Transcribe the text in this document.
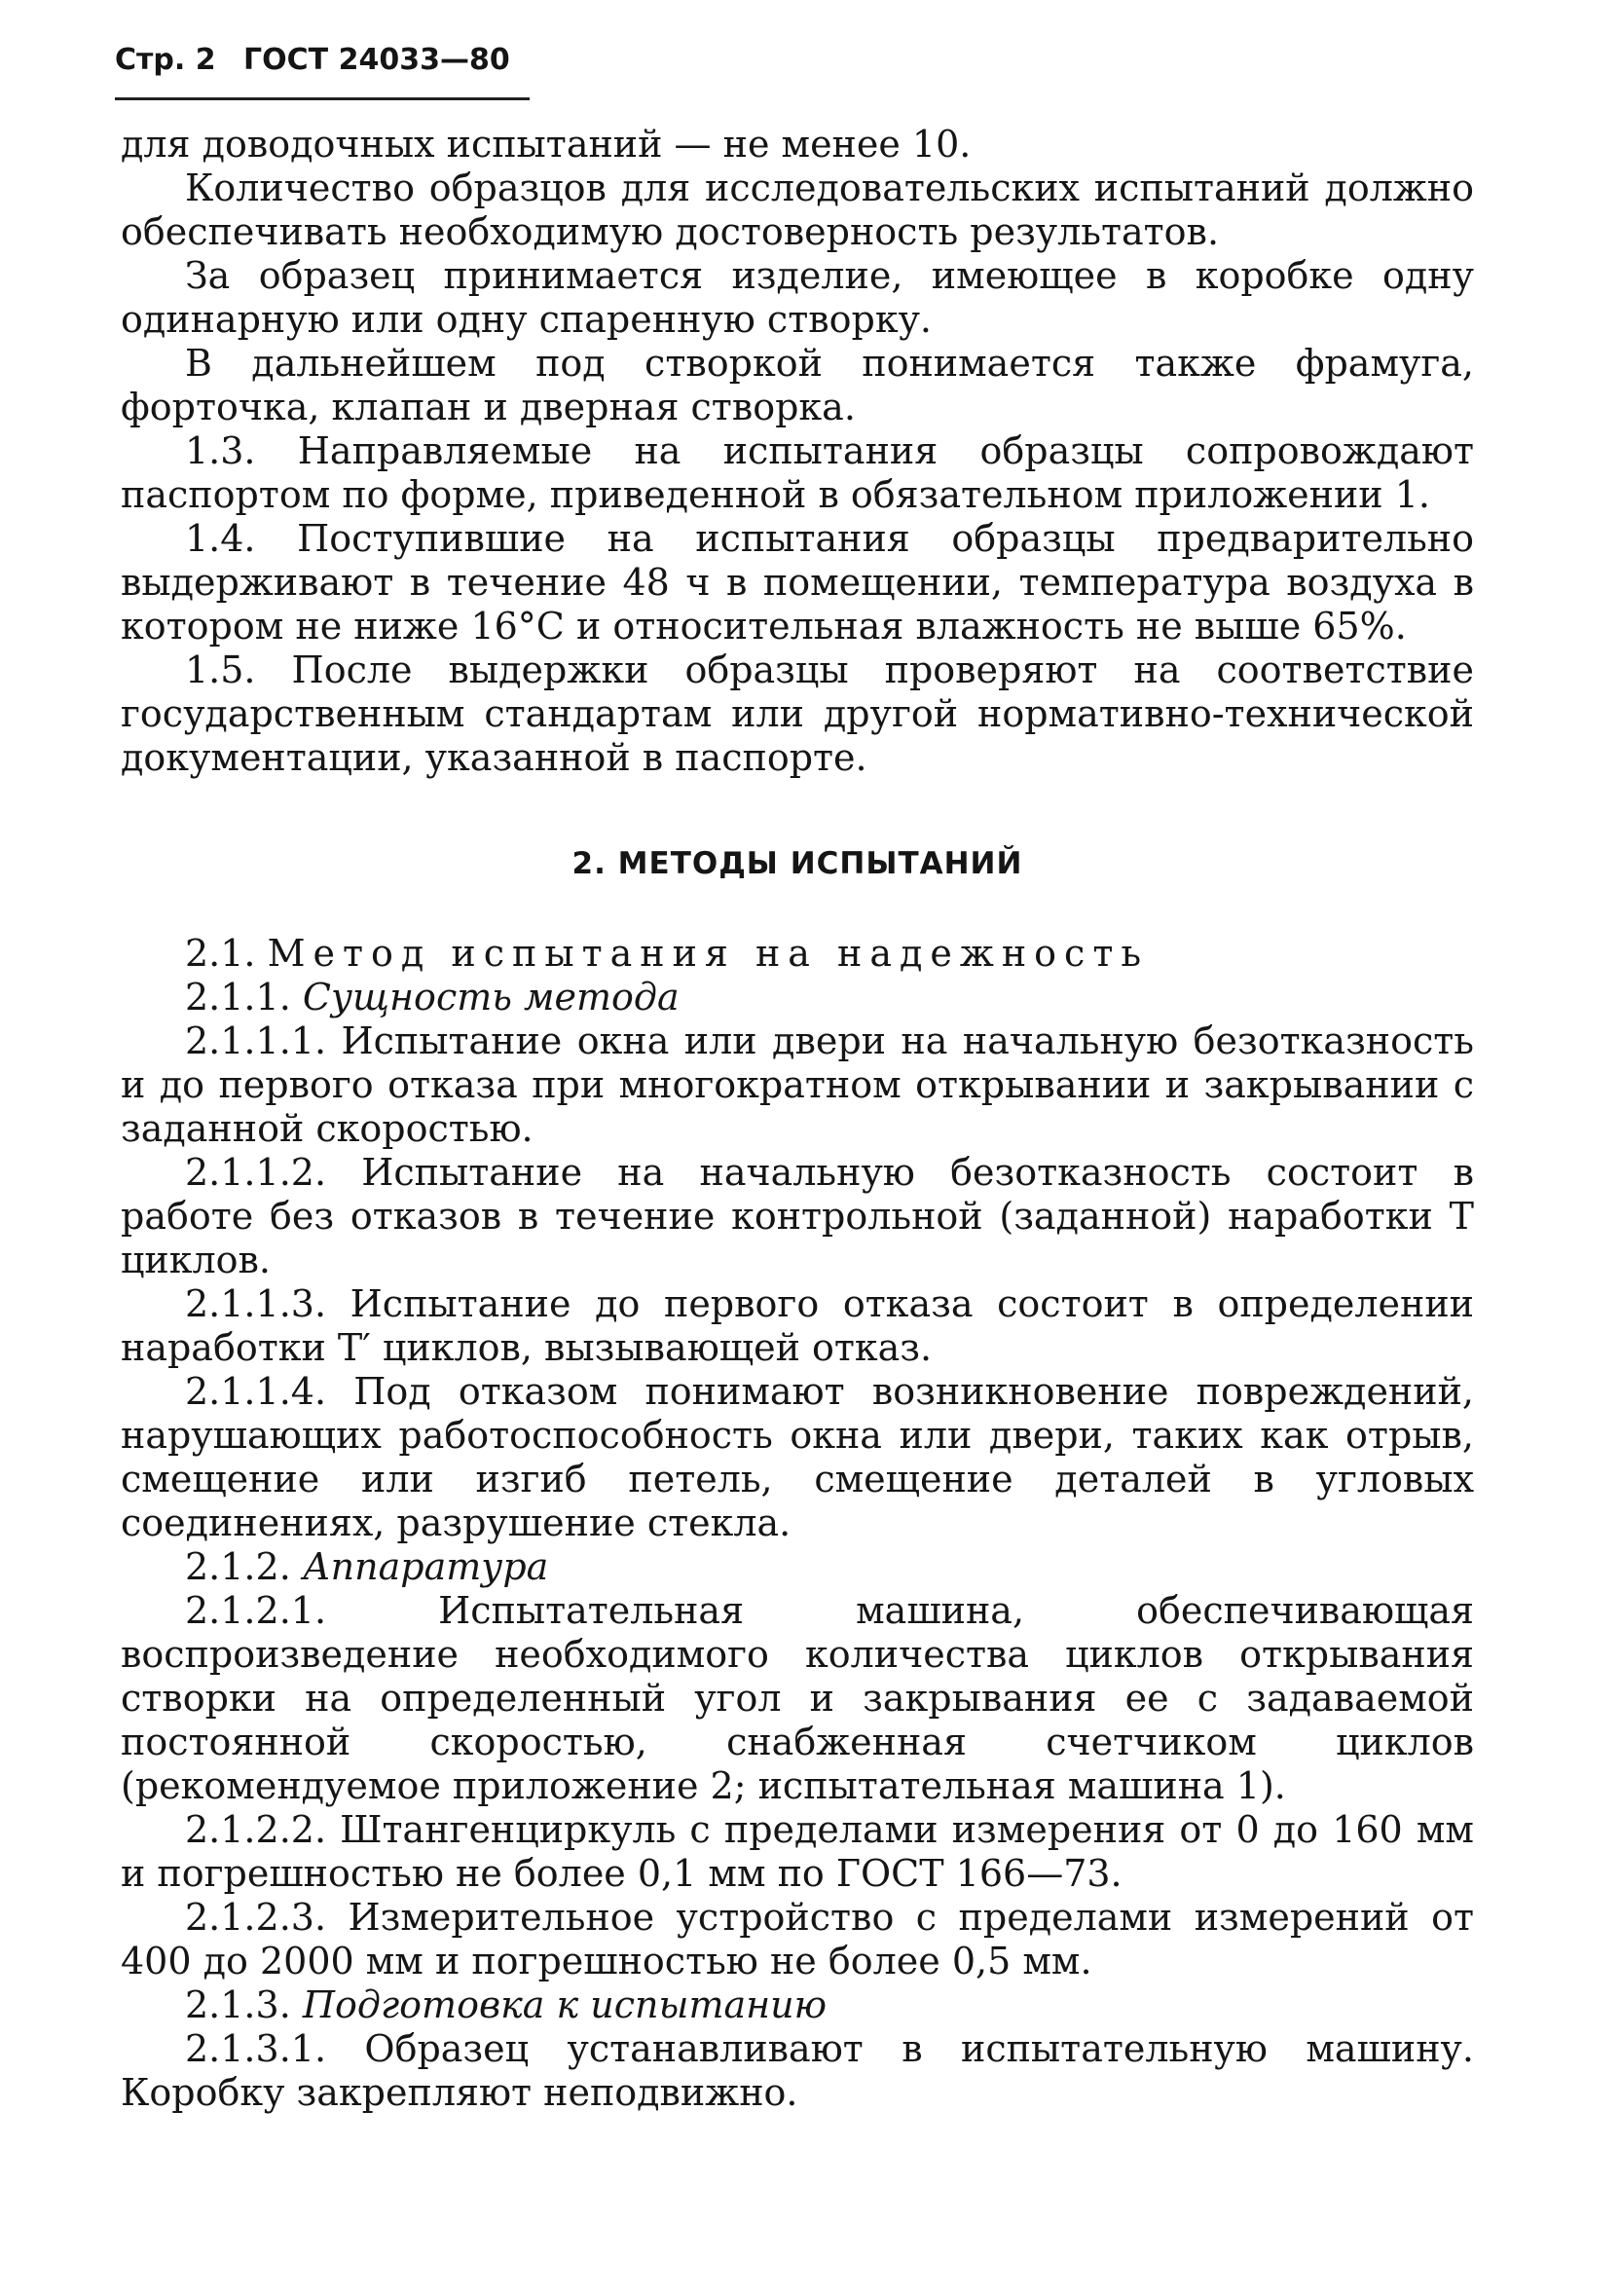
Стр. 2 ГОСТ 24033—80

для доводочных испытаний — не менее 10.

Количество образцов для исследовательских испытаний должно обеспечивать необходимую достоверность результатов.

За образец принимается изделие, имеющее в коробке одну одинарную или одну спаренную створку.

В дальнейшем под створкой понимается также фрамуга, форточка, клапан и дверная створка.

1.3. Направляемые на испытания образцы сопровождают паспортом по форме, приведенной в обязательном приложении 1.

1.4. Поступившие на испытания образцы предварительно выдерживают в течение 48 ч в помещении, температура воздуха в котором не ниже 16°С и относительная влажность не выше 65%.

1.5. После выдержки образцы проверяют на соответствие государственным стандартам или другой нормативно-технической документации, указанной в паспорте.

2. МЕТОДЫ ИСПЫТАНИЙ

2.1. Метод испытания на надежность

2.1.1. Сущность метода

2.1.1.1. Испытание окна или двери на начальную безотказность и до первого отказа при многократном открывании и закрывании с заданной скоростью.

2.1.1.2. Испытание на начальную безотказность состоит в работе без отказов в течение контрольной (заданной) наработки T циклов.

2.1.1.3. Испытание до первого отказа состоит в определении наработки T′ циклов, вызывающей отказ.

2.1.1.4. Под отказом понимают возникновение повреждений, нарушающих работоспособность окна или двери, таких как отрыв, смещение или изгиб петель, смещение деталей в угловых соединениях, разрушение стекла.

2.1.2. Аппаратура

2.1.2.1. Испытательная машина, обеспечивающая воспроизведение необходимого количества циклов открывания створки на определенный угол и закрывания ее с задаваемой постоянной скоростью, снабженная счетчиком циклов (рекомендуемое приложение 2; испытательная машина 1).

2.1.2.2. Штангенциркуль с пределами измерения от 0 до 160 мм и погрешностью не более 0,1 мм по ГОСТ 166—73.

2.1.2.3. Измерительное устройство с пределами измерений от 400 до 2000 мм и погрешностью не более 0,5 мм.

2.1.3. Подготовка к испытанию

2.1.3.1. Образец устанавливают в испытательную машину. Коробку закрепляют неподвижно.
